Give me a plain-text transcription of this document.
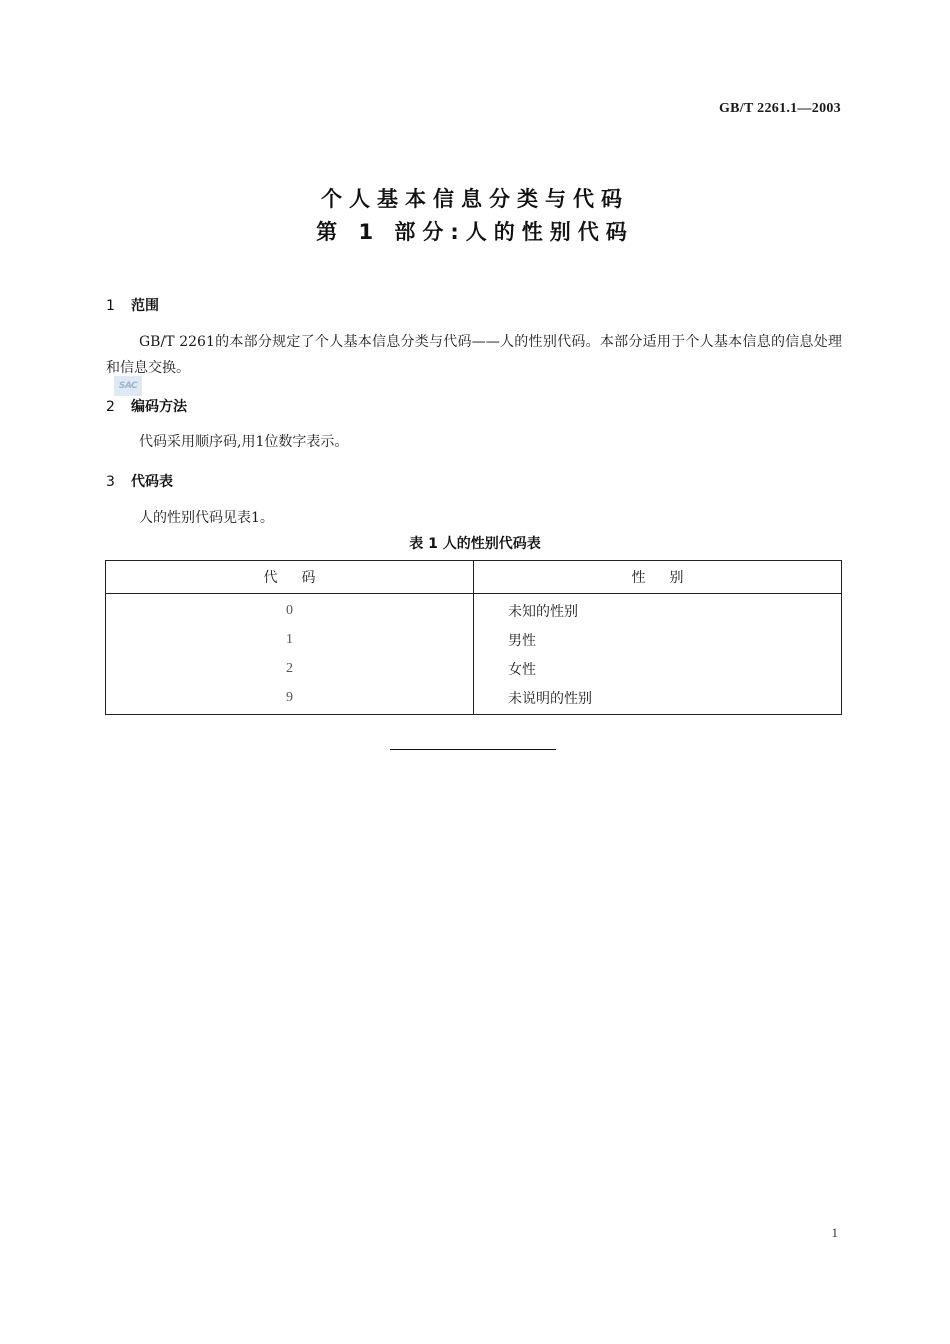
GB/T 2261.1—2003
个人基本信息分类与代码
第 1 部分:人的性别代码
1 范围

GB/T 2261的本部分规定了个人基本信息分类与代码——人的性别代码。本部分适用于个人基本信息的信息处理和信息交换。

SAC
2 编码方法

代码采用顺序码,用1位数字表示。

3 代码表

人的性别代码见表1。

表 1 人的性别代码表
代码	性别
0	未知的性别
1	男性
2	女性
9	未说明的性别
1
